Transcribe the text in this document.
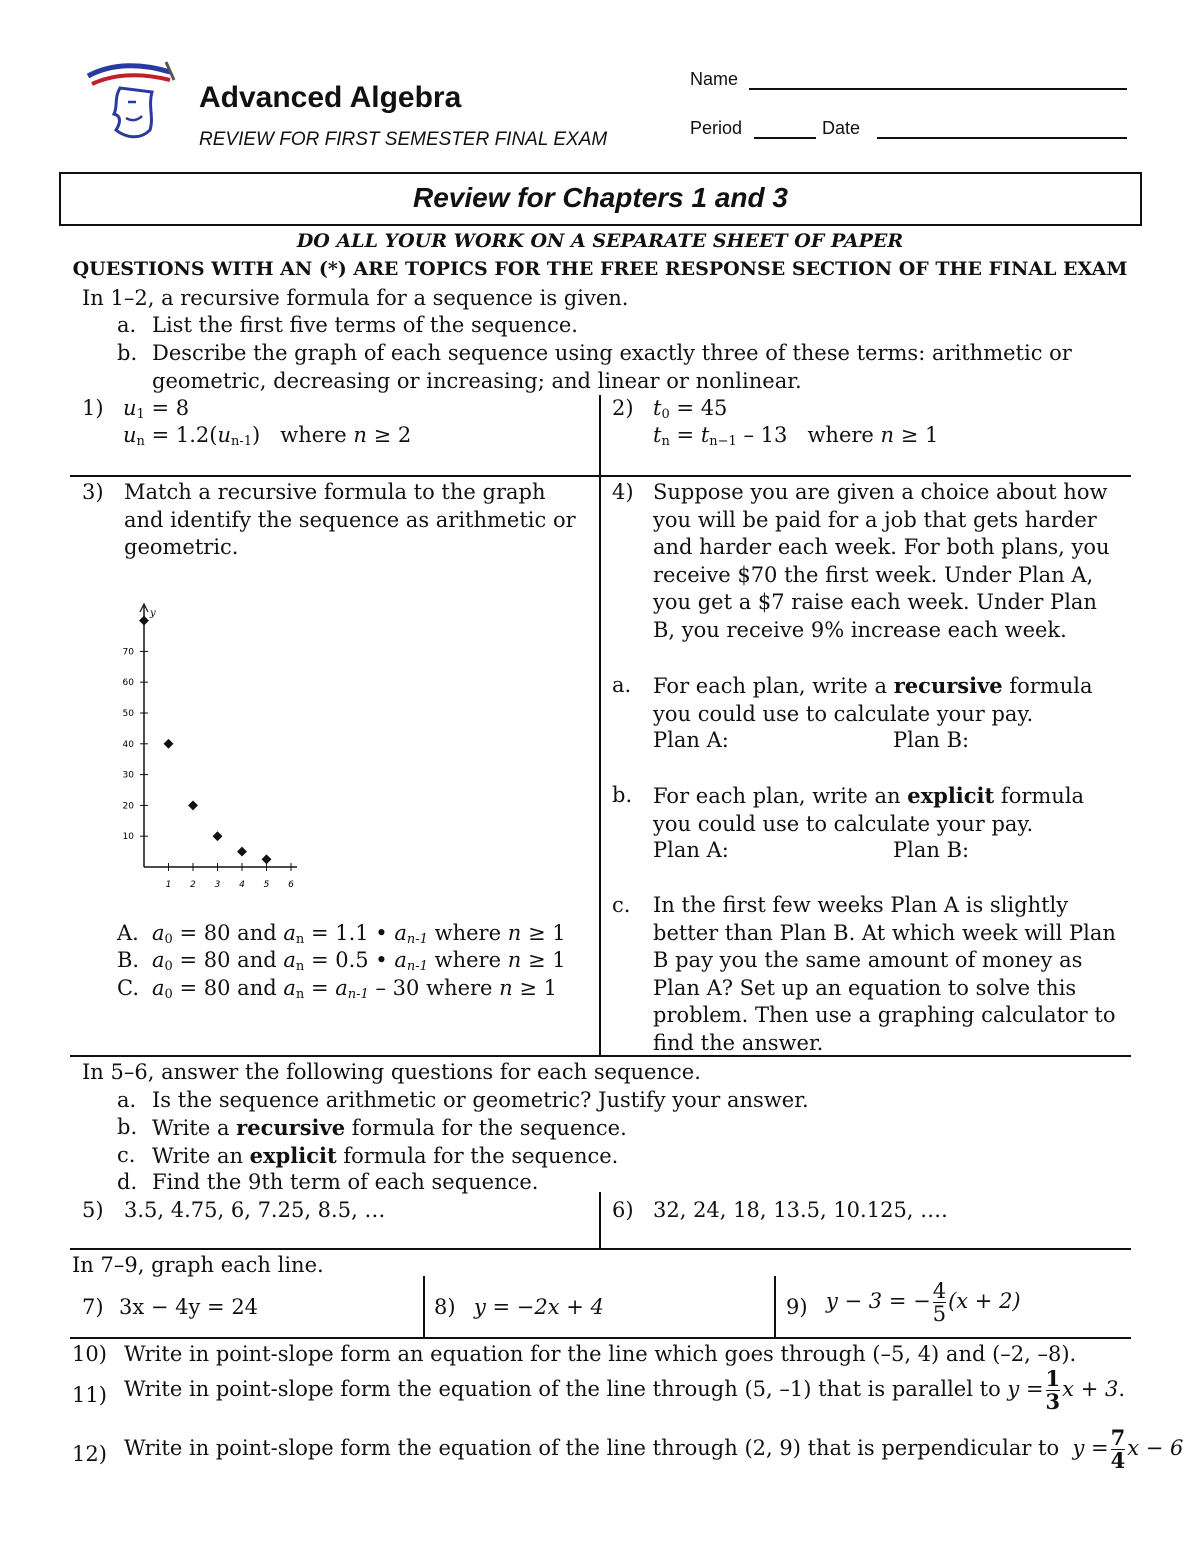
Advanced Algebra
REVIEW FOR FIRST SEMESTER FINAL EXAM
Name
Period	Date
Review for Chapters 1 and 3
DO ALL YOUR WORK ON A SEPARATE SHEET OF PAPER
QUESTIONS WITH AN (*) ARE TOPICS FOR THE FREE RESPONSE SECTION OF THE FINAL EXAM
In 1–2, a recursive formula for a sequence is given.
a. List the first five terms of the sequence.
b. Describe the graph of each sequence using exactly three of these terms: arithmetic or geometric, decreasing or increasing; and linear or nonlinear.
1) $u_1 = 8$
$u_n = 1.2(u_{n-1})$ where n ≥ 2
2) $t_0 = 45$
$t_n = t_{n-1} - 13$ where n ≥ 1
3) Match a recursive formula to the graph and identify the sequence as arithmetic or geometric.
y
10
20
30
40
50
60
70
1 2 3 4 5 6
A. $a_0 = 80$ and $a_n = 1.1$ • $a_{n-1}$ where n ≥ 1
B. $a_0 = 80$ and $a_n = 0.5$ • $a_{n-1}$ where n ≥ 1
C. $a_0 = 80$ and $a_n = a_{n-1} - 30$ where n ≥ 1
4) Suppose you are given a choice about how you will be paid for a job that gets harder and harder each week. For both plans, you receive $70 the first week. Under Plan A, you get a $7 raise each week. Under Plan B, you receive 9% increase each week.
a. For each plan, write a recursive formula you could use to calculate your pay.
Plan A:	Plan B:
b. For each plan, write an explicit formula you could use to calculate your pay.
Plan A:	Plan B:
c. In the first few weeks Plan A is slightly better than Plan B. At which week will Plan B pay you the same amount of money as Plan A? Set up an equation to solve this problem. Then use a graphing calculator to find the answer.
In 5–6, answer the following questions for each sequence.
a. Is the sequence arithmetic or geometric? Justify your answer.
b. Write a recursive formula for the sequence.
c. Write an explicit formula for the sequence.
d. Find the 9th term of each sequence.
5) 3.5, 4.75, 6, 7.25, 8.5, …	6) 32, 24, 18, 13.5, 10.125, ….
In 7–9, graph each line.
7) 3x − 4y = 24	8) y = −2x + 4	9) y − 3 = − $\frac{4}{5} (x + 2)$
10) Write in point-slope form an equation for the line which goes through (–5, 4) and (–2, –8).
11) Write in point-slope form the equation of the line through (5, –1) that is parallel to $y = \frac{1}{3}$ x + 3.
12) Write in point-slope form the equation of the line through (2, 9) that is perpendicular to $y = \frac{7}{4}$ x − 6
